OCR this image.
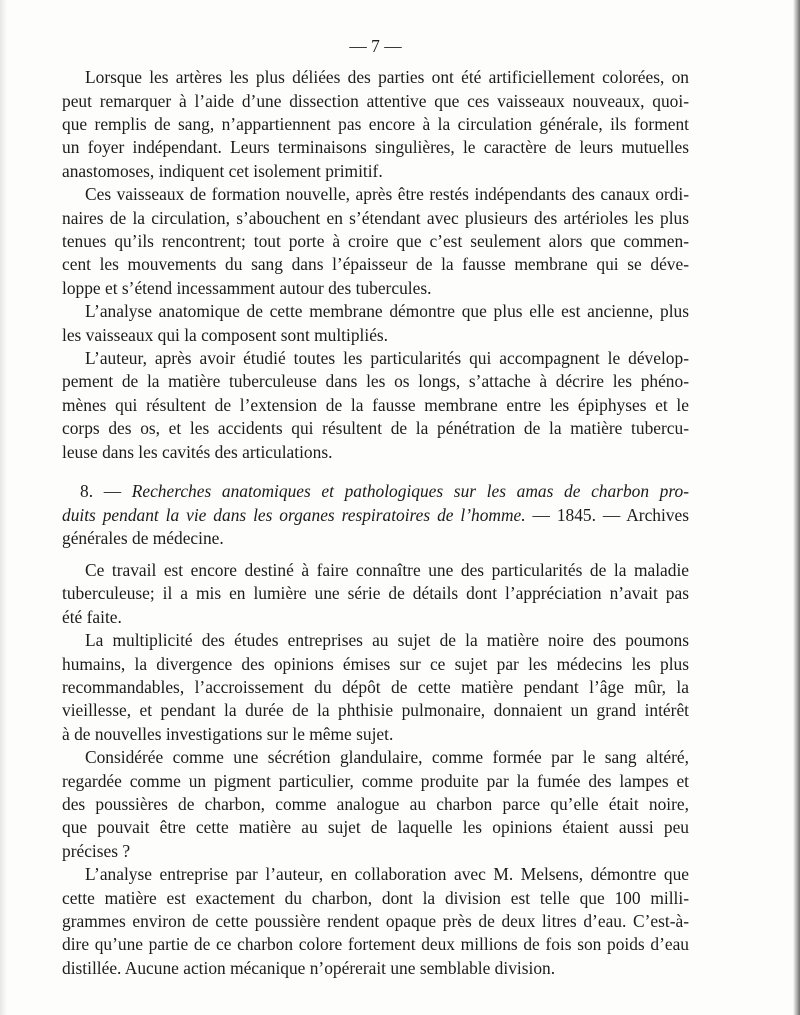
— 7 —
Lorsque les artères les plus déliées des parties ont été artificiellement colorées, on
peut remarquer à l’aide d’une dissection attentive que ces vaisseaux nouveaux, quoi-
que remplis de sang, n’appartiennent pas encore à la circulation générale, ils forment
un foyer indépendant. Leurs terminaisons singulières, le caractère de leurs mutuelles
anastomoses, indiquent cet isolement primitif.
Ces vaisseaux de formation nouvelle, après être restés indépendants des canaux ordi-
naires de la circulation, s’abouchent en s’étendant avec plusieurs des artérioles les plus
tenues qu’ils rencontrent; tout porte à croire que c’est seulement alors que commen-
cent les mouvements du sang dans l’épaisseur de la fausse membrane qui se déve-
loppe et s’étend incessamment autour des tubercules.
L’analyse anatomique de cette membrane démontre que plus elle est ancienne, plus
les vaisseaux qui la composent sont multipliés.
L’auteur, après avoir étudié toutes les particularités qui accompagnent le dévelop-
pement de la matière tuberculeuse dans les os longs, s’attache à décrire les phéno-
mènes qui résultent de l’extension de la fausse membrane entre les épiphyses et le
corps des os, et les accidents qui résultent de la pénétration de la matière tubercu-
leuse dans les cavités des articulations.
8. — Recherches anatomiques et pathologiques sur les amas de charbon pro-
duits pendant la vie dans les organes respiratoires de l’homme. — 1845. — Archives
générales de médecine.
Ce travail est encore destiné à faire connaître une des particularités de la maladie
tuberculeuse; il a mis en lumière une série de détails dont l’appréciation n’avait pas
été faite.
La multiplicité des études entreprises au sujet de la matière noire des poumons
humains, la divergence des opinions émises sur ce sujet par les médecins les plus
recommandables, l’accroissement du dépôt de cette matière pendant l’âge mûr, la
vieillesse, et pendant la durée de la phthisie pulmonaire, donnaient un grand intérêt
à de nouvelles investigations sur le même sujet.
Considérée comme une sécrétion glandulaire, comme formée par le sang altéré,
regardée comme un pigment particulier, comme produite par la fumée des lampes et
des poussières de charbon, comme analogue au charbon parce qu’elle était noire,
que pouvait être cette matière au sujet de laquelle les opinions étaient aussi peu
précises ?
L’analyse entreprise par l’auteur, en collaboration avec M. Melsens, démontre que
cette matière est exactement du charbon, dont la division est telle que 100 milli-
grammes environ de cette poussière rendent opaque près de deux litres d’eau. C’est-à-
dire qu’une partie de ce charbon colore fortement deux millions de fois son poids d’eau
distillée. Aucune action mécanique n’opérerait une semblable division.
